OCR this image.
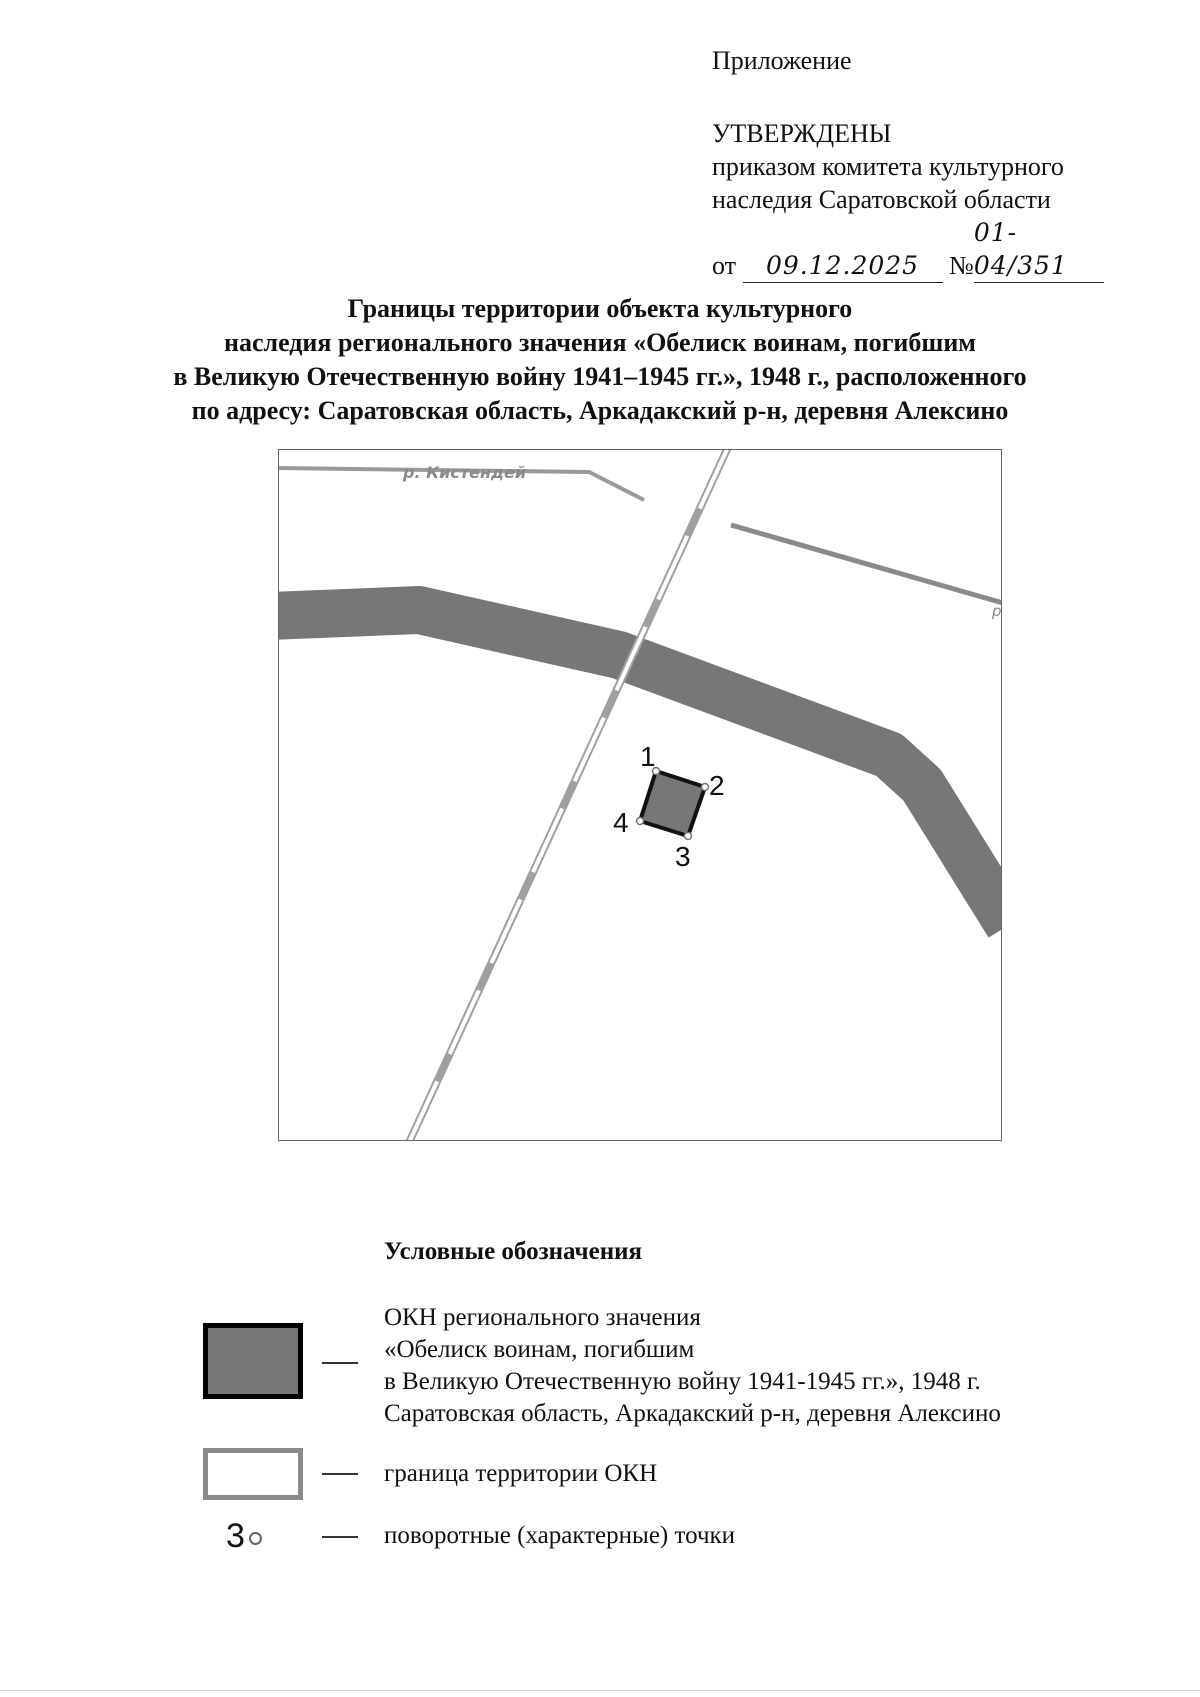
Приложение
УТВЕРЖДЕНЫ
приказом комитета культурного
наследия Саратовской области
от 09.12.2025 №01-04/351
Границы территории объекта культурного
наследия регионального значения «Обелиск воинам, погибшим
в Великую Отечественную войну 1941–1945 гг.», 1948 г., расположенного
по адресу: Саратовская область, Аркадакский р-н, деревня Алексино
р. Кистендей
р
1
2
3
4
Условные обозначения
ОКН регионального значения
«Обелиск воинам, погибшим
в Великую Отечественную войну 1941-1945 гг.», 1948 г.
Саратовская область, Аркадакский р-н, деревня Алексино
граница территории ОКН
3	поворотные (характерные) точки
